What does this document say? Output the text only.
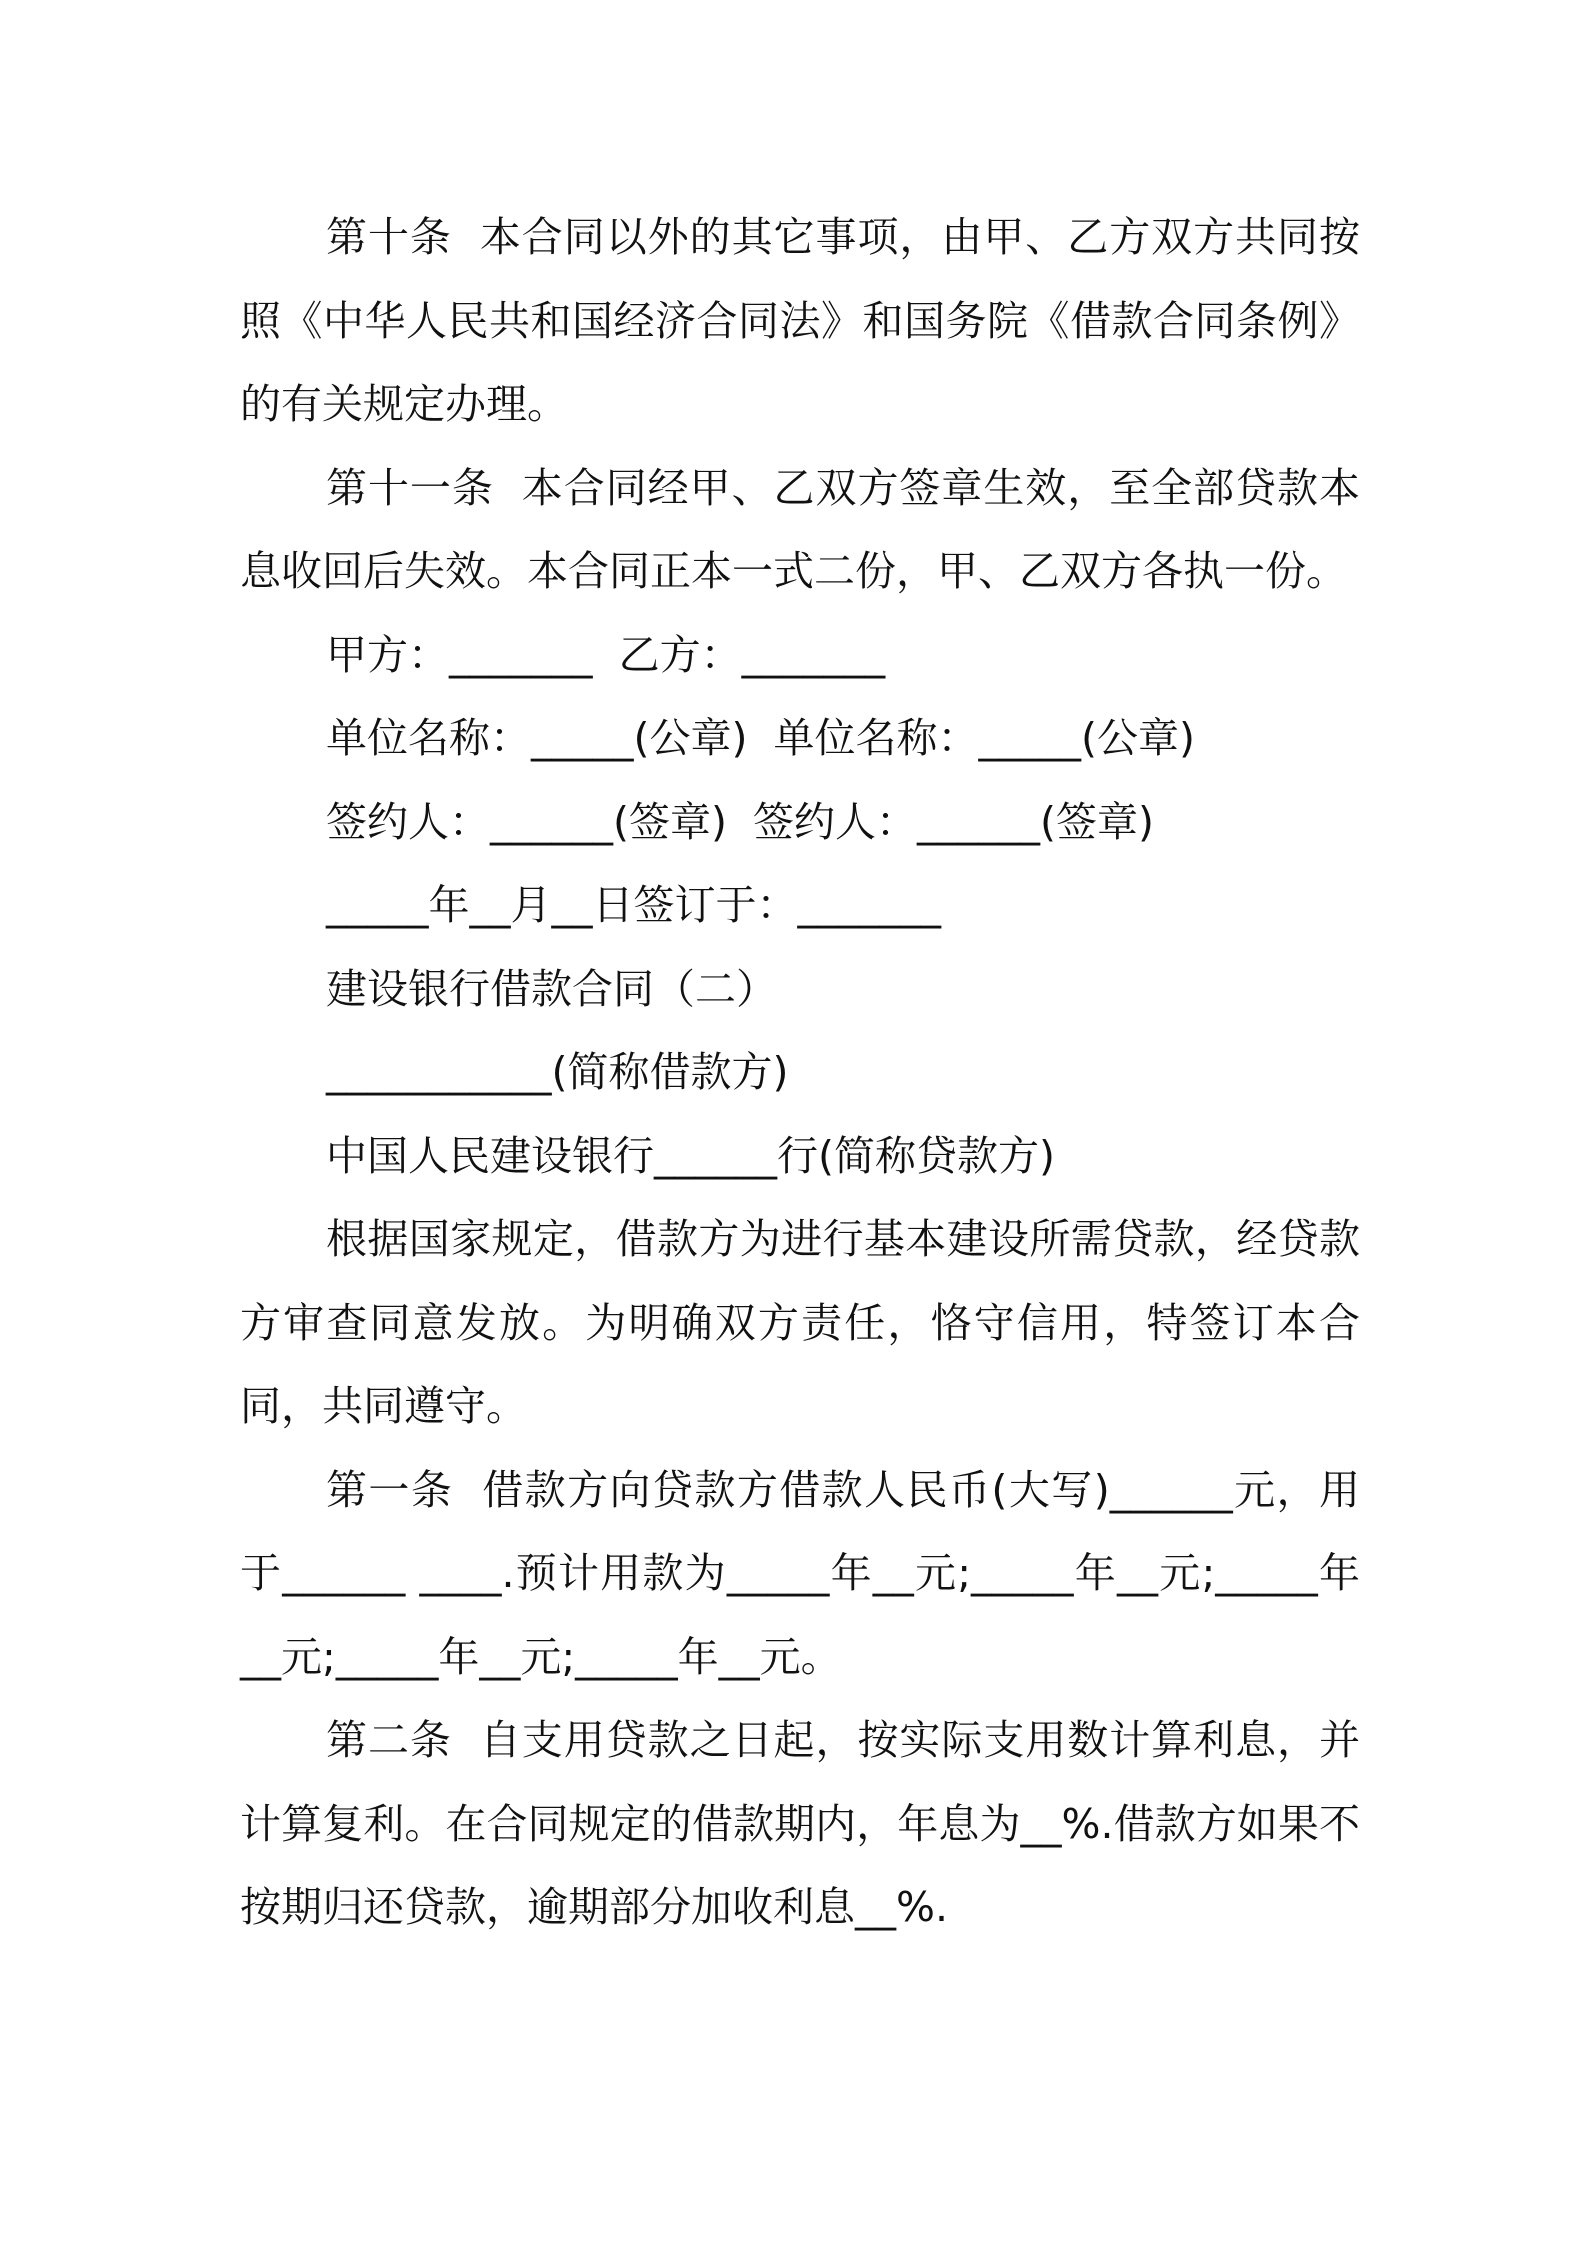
第十条  本合同以外的其它事项，由甲、乙方双方共同按照《中华人民共和国经济合同法》和国务院《借款合同条例》的有关规定办理。

第十一条  本合同经甲、乙双方签章生效，至全部贷款本息收回后失效。本合同正本一式二份，甲、乙双方各执一份。

甲方：_______  乙方：_______

单位名称：_____(公章)  单位名称：_____(公章)

签约人：______(签章)  签约人：______(签章)

_____年__月__日签订于：_______

建设银行借款合同（二）

___________(简称借款方)

中国人民建设银行______行(简称贷款方)

根据国家规定，借款方为进行基本建设所需贷款，经贷款方审查同意发放。为明确双方责任，恪守信用，特签订本合同，共同遵守。

第一条  借款方向贷款方借款人民币(大写)______元，用于______ ____.预计用款为_____年__元;_____年__元;_____年__元;_____年__元;_____年__元。

第二条  自支用贷款之日起，按实际支用数计算利息，并计算复利。在合同规定的借款期内，年息为__%.借款方如果不按期归还贷款，逾期部分加收利息__%.
